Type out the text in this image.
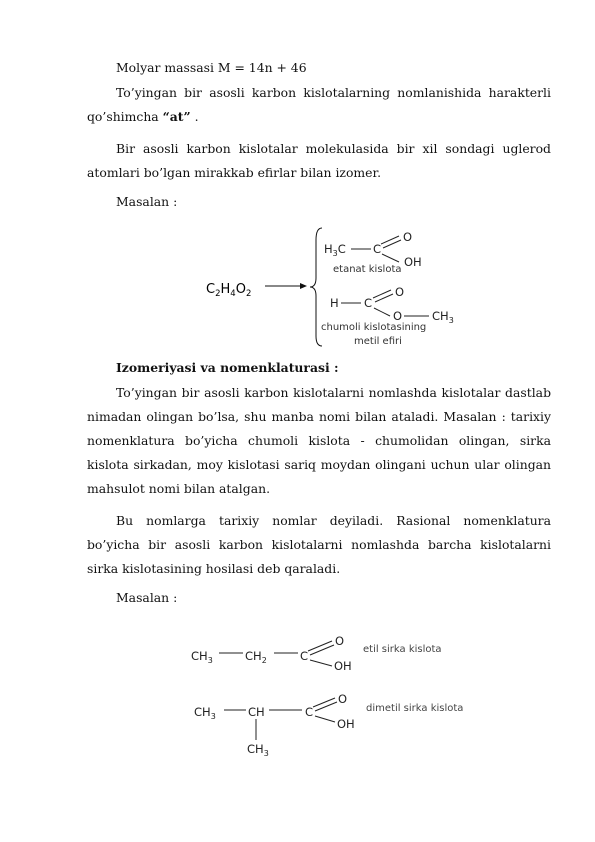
Molyar massasi M = 14n + 46
To’yingan bir asosli karbon kislotalarning nomlanishida harakterli
qo’shimcha “at” .
Bir asosli karbon kislotalar molekulasida bir xil sondagi uglerod
atomlari bo’lgan mirakkab efirlar bilan izomer.
Masalan :
$C_2H_4O_2$
$H_3C$ C
O
OH
etanat kislota
H C
O
O	$CH_3$
chumoli kislotasining
metil efiri
Izomeriyasi va nomenklaturasi :
To’yingan bir asosli karbon kislotalarni nomlashda kislotalar dastlab
nimadan olingan bo’lsa, shu manba nomi bilan ataladi. Masalan : tarixiy
nomenklatura bo’yicha chumoli kislota - chumolidan olingan, sirka
kislota sirkadan, moy kislotasi sariq moydan olingani uchun ular olingan
mahsulot nomi bilan atalgan.
Bu nomlarga tarixiy nomlar deyiladi. Rasional nomenklatura
bo’yicha bir asosli karbon kislotalarni nomlashda barcha kislotalarni
sirka kislotasining hosilasi deb qaraladi.
Masalan :
$CH_3$	$CH_2$	C
O
OH
etil sirka kislota
$CH_3$	CH	C
O
OH
dimetil sirka kislota
$CH_3$
